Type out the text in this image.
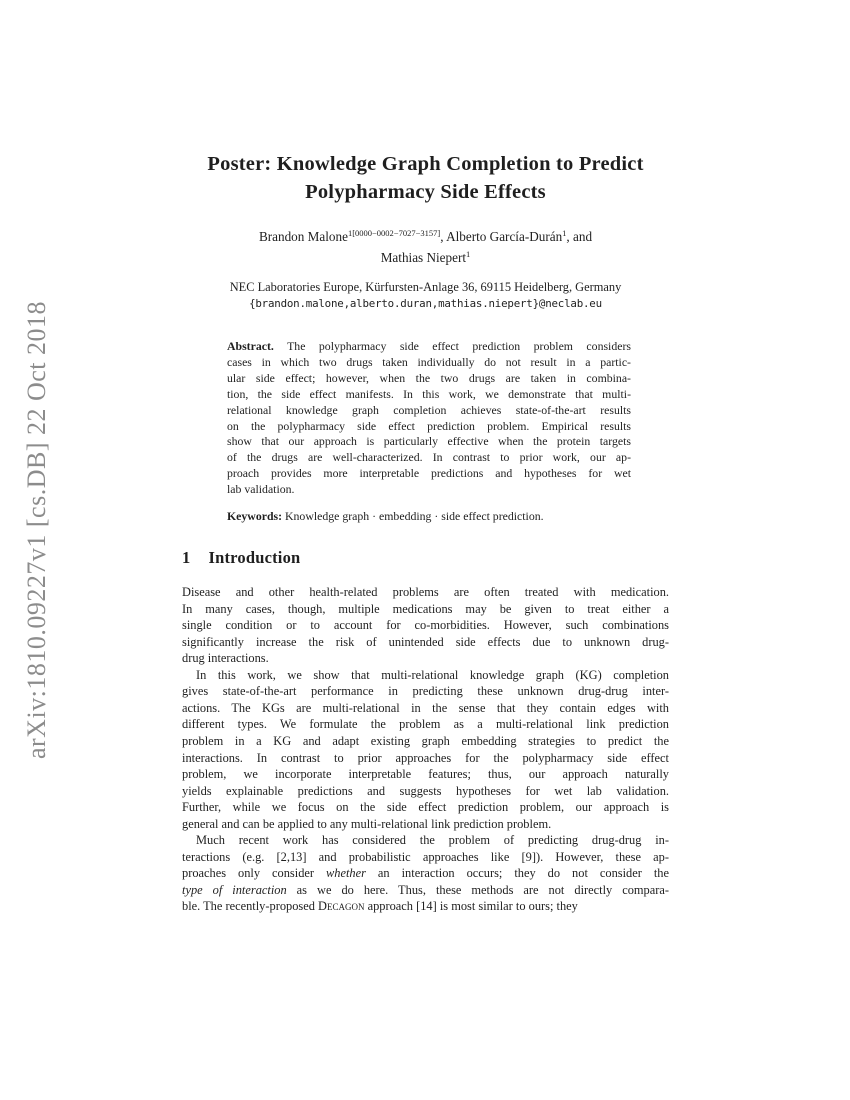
arXiv:1810.09227v1 [cs.DB] 22 Oct 2018
Poster: Knowledge Graph Completion to Predict
Polypharmacy Side Effects
Brandon Malone$^{1[0000-0002-7027-3157]}$, Alberto García-Durán$^1$, and
Mathias Niepert$^1$
NEC Laboratories Europe, Kürfursten-Anlage 36, 69115 Heidelberg, Germany
{brandon.malone,alberto.duran,mathias.niepert}@neclab.eu
Abstract. The polypharmacy side effect prediction problem considers
cases in which two drugs taken individually do not result in a partic-
ular side effect; however, when the two drugs are taken in combina-
tion, the side effect manifests. In this work, we demonstrate that multi-
relational knowledge graph completion achieves state-of-the-art results
on the polypharmacy side effect prediction problem. Empirical results
show that our approach is particularly effective when the protein targets
of the drugs are well-characterized. In contrast to prior work, our ap-
proach provides more interpretable predictions and hypotheses for wet
lab validation.
Keywords: Knowledge graph · embedding · side effect prediction.
1 Introduction
Disease and other health-related problems are often treated with medication.
In many cases, though, multiple medications may be given to treat either a
single condition or to account for co-morbidities. However, such combinations
significantly increase the risk of unintended side effects due to unknown drug-
drug interactions.
In this work, we show that multi-relational knowledge graph (KG) completion
gives state-of-the-art performance in predicting these unknown drug-drug inter-
actions. The KGs are multi-relational in the sense that they contain edges with
different types. We formulate the problem as a multi-relational link prediction
problem in a KG and adapt existing graph embedding strategies to predict the
interactions. In contrast to prior approaches for the polypharmacy side effect
problem, we incorporate interpretable features; thus, our approach naturally
yields explainable predictions and suggests hypotheses for wet lab validation.
Further, while we focus on the side effect prediction problem, our approach is
general and can be applied to any multi-relational link prediction problem.
Much recent work has considered the problem of predicting drug-drug in-
teractions (e.g. [2,13] and probabilistic approaches like [9]). However, these ap-
proaches only consider whether an interaction occurs; they do not consider the
type of interaction as we do here. Thus, these methods are not directly compara-
ble. The recently-proposed Decagon approach [14] is most similar to ours; they
